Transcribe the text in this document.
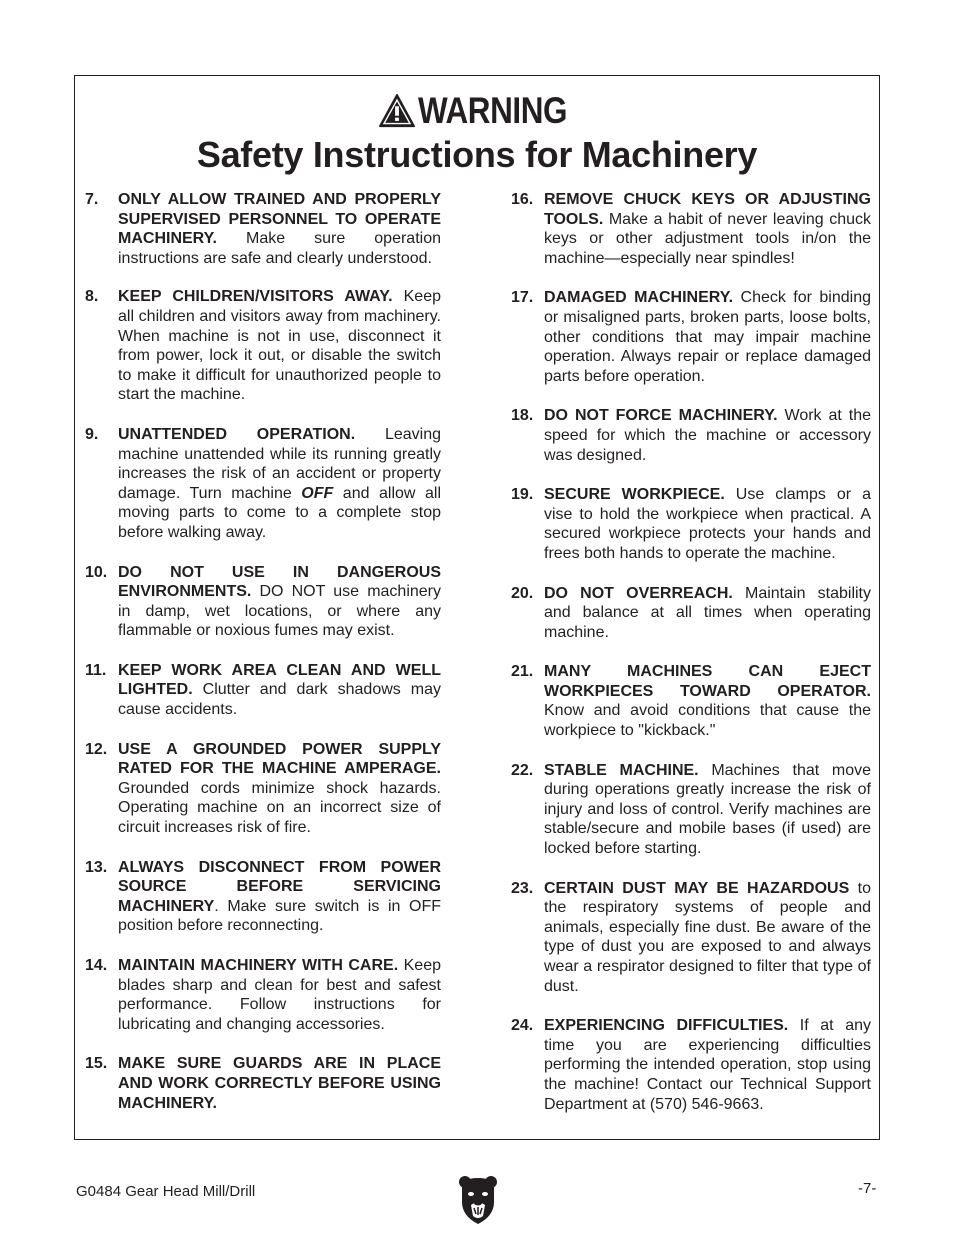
WARNING
Safety Instructions for Machinery
7. ONLY ALLOW TRAINED AND PROPERLY SUPERVISED PERSONNEL TO OPERATE MACHINERY. Make sure operation instructions are safe and clearly understood.
8. KEEP CHILDREN/VISITORS AWAY. Keep all children and visitors away from machinery. When machine is not in use, disconnect it from power, lock it out, or disable the switch to make it difficult for unauthorized people to start the machine.
9. UNATTENDED OPERATION. Leaving machine unattended while its running greatly increases the risk of an accident or property damage. Turn machine OFF and allow all moving parts to come to a complete stop before walking away.
10. DO NOT USE IN DANGEROUS ENVIRONMENTS. DO NOT use machinery in damp, wet locations, or where any flammable or noxious fumes may exist.
11. KEEP WORK AREA CLEAN AND WELL LIGHTED. Clutter and dark shadows may cause accidents.
12. USE A GROUNDED POWER SUPPLY RATED FOR THE MACHINE AMPERAGE. Grounded cords minimize shock hazards. Operating machine on an incorrect size of circuit increases risk of fire.
13. ALWAYS DISCONNECT FROM POWER SOURCE BEFORE SERVICING MACHINERY. Make sure switch is in OFF position before reconnecting.
14. MAINTAIN MACHINERY WITH CARE. Keep blades sharp and clean for best and safest performance. Follow instructions for lubricating and changing accessories.
15. MAKE SURE GUARDS ARE IN PLACE AND WORK CORRECTLY BEFORE USING MACHINERY.
16. REMOVE CHUCK KEYS OR ADJUSTING TOOLS. Make a habit of never leaving chuck keys or other adjustment tools in/on the machine—especially near spindles!
17. DAMAGED MACHINERY. Check for binding or misaligned parts, broken parts, loose bolts, other conditions that may impair machine operation. Always repair or replace damaged parts before operation.
18. DO NOT FORCE MACHINERY. Work at the speed for which the machine or accessory was designed.
19. SECURE WORKPIECE. Use clamps or a vise to hold the workpiece when practical. A secured workpiece protects your hands and frees both hands to operate the machine.
20. DO NOT OVERREACH. Maintain stability and balance at all times when operating machine.
21. MANY MACHINES CAN EJECT WORKPIECES TOWARD OPERATOR. Know and avoid conditions that cause the workpiece to "kickback."
22. STABLE MACHINE. Machines that move during operations greatly increase the risk of injury and loss of control. Verify machines are stable/secure and mobile bases (if used) are locked before starting.
23. CERTAIN DUST MAY BE HAZARDOUS to the respiratory systems of people and animals, especially fine dust. Be aware of the type of dust you are exposed to and always wear a respirator designed to filter that type of dust.
24. EXPERIENCING DIFFICULTIES. If at any time you are experiencing difficulties performing the intended operation, stop using the machine! Contact our Technical Support Department at (570) 546-9663.
G0484 Gear Head Mill/Drill	-7-
